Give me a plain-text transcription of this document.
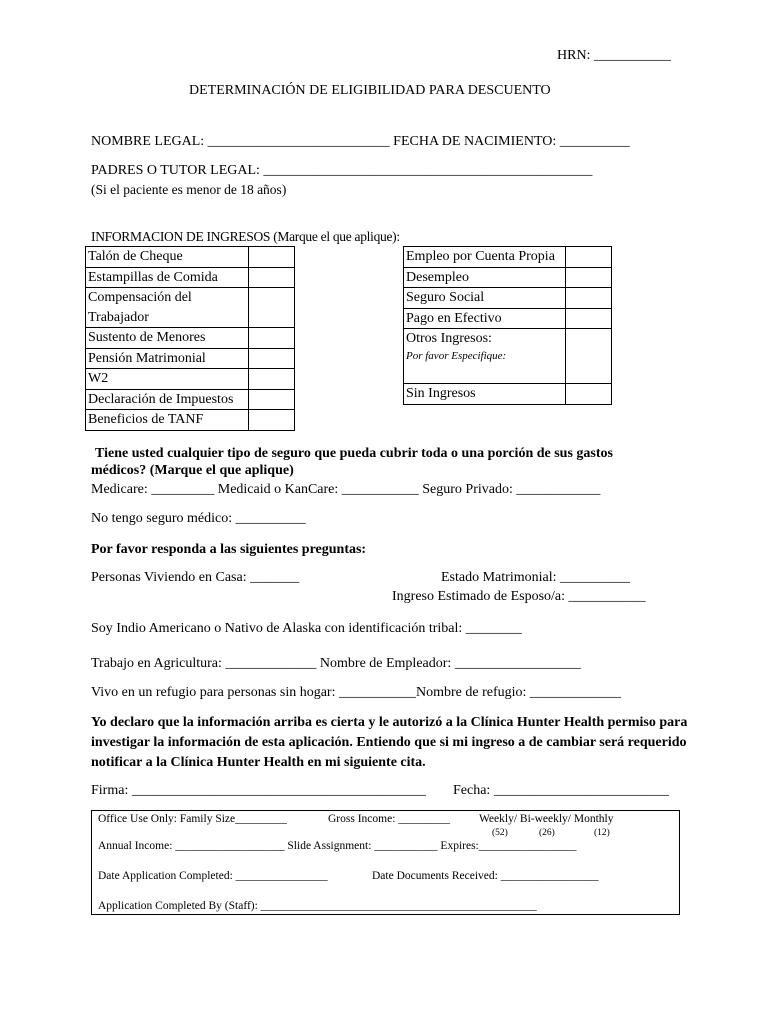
HRN: ___________
DETERMINACIÓN DE ELIGIBILIDAD PARA DESCUENTO
NOMBRE LEGAL: __________________________ FECHA DE NACIMIENTO: __________
PADRES O TUTOR LEGAL: _______________________________________________
(Si el paciente es menor de 18 años)
INFORMACION DE INGRESOS (Marque el que aplique):
Talón de Cheque	
Estampillas de Comida	
Compensación del Trabajador	
Sustento de Menores	
Pensión Matrimonial	
W2	
Declaración de Impuestos	
Beneficios de TANF	
Empleo por Cuenta Propia	
Desempleo	
Seguro Social	
Pago en Efectivo	
Otros Ingresos:
Por favor Especifique:	

Sin Ingresos	
Tiene usted cualquier tipo de seguro que pueda cubrir toda o una porción de sus gastos
médicos? (Marque el que aplique)
Medicare: _________ Medicaid o KanCare: ___________ Seguro Privado: ____________
No tengo seguro médico: __________
Por favor responda a las siguientes preguntas:
Personas Viviendo en Casa: _______	Estado Matrimonial: __________
Ingreso Estimado de Esposo/a: ___________
Soy Indio Americano o Nativo de Alaska con identificación tribal: ________
Trabajo en Agricultura: _____________ Nombre de Empleador: __________________
Vivo en un refugio para personas sin hogar: ___________Nombre de refugio: _____________
Yo declaro que la información arriba es cierta y le autorizó a la Clínica Hunter Health permiso para investigar la información de esta aplicación. Entiendo que si mi ingreso a de cambiar será requerido notificar a la Clínica Hunter Health en mi siguiente cita.
Firma: __________________________________________ Fecha: _________________________
Office Use Only: Family Size_________	Gross Income: _________	Weekly/ Bi-weekly/ Monthly
(52)	(26)	(12)
Annual Income: ___________________ Slide Assignment: ___________ Expires:_________________
Date Application Completed: ________________	Date Documents Received: _________________
Application Completed By (Staff): ________________________________________________
